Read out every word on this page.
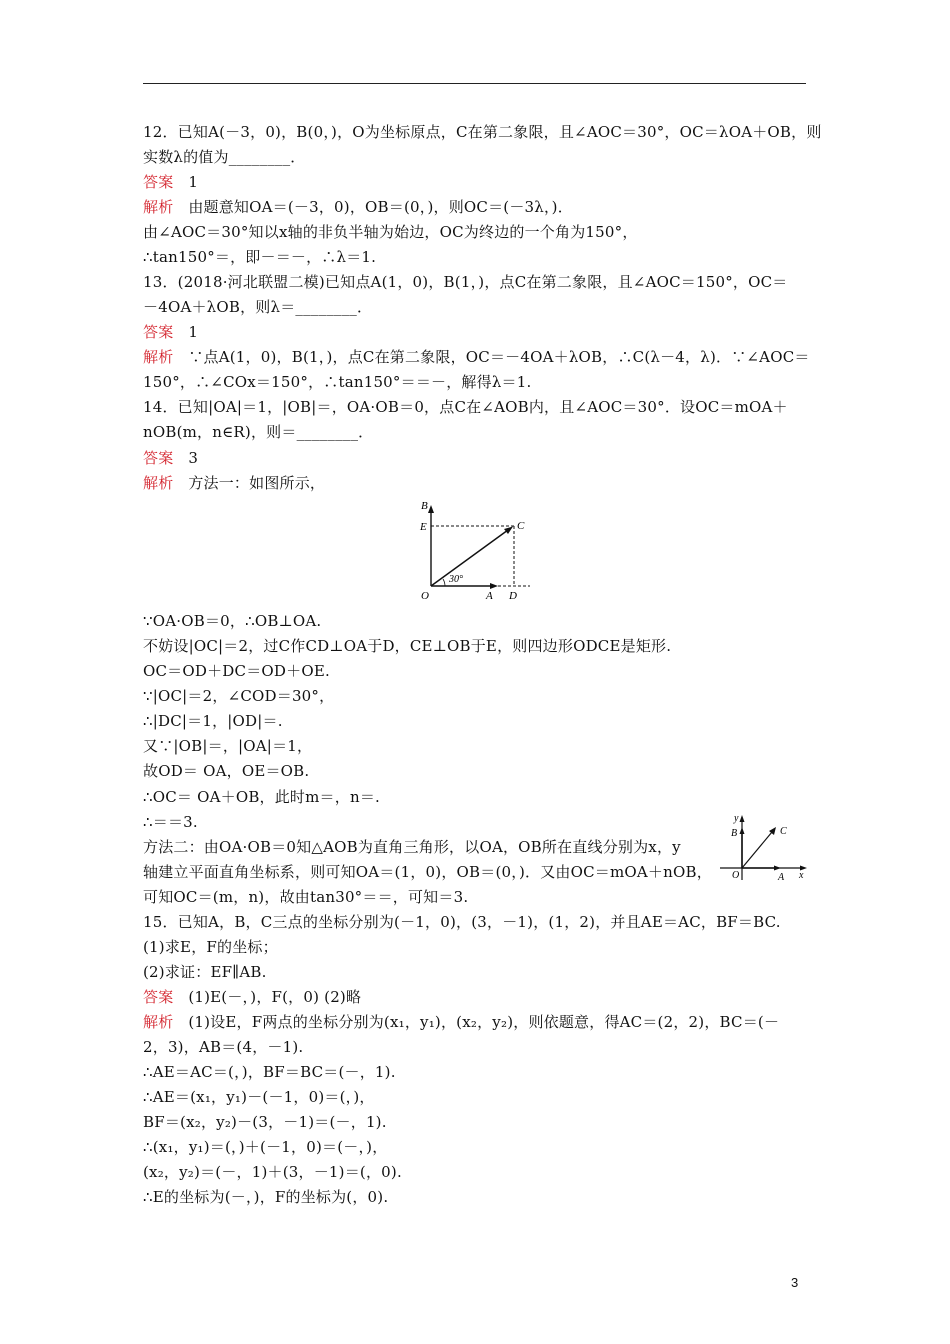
12．已知A(－3，0)，B(0，)，O为坐标原点，C在第二象限，且∠AOC＝30°，OC＝λOA＋OB，则
实数λ的值为________．
答案 1
解析 由题意知OA＝(－3，0)，OB＝(0，)，则OC＝(－3λ，)．
由∠AOC＝30°知以x轴的非负半轴为始边，OC为终边的一个角为150°，
∴tan150°＝，即－＝－，∴λ＝1.
13．(2018·河北联盟二模)已知点A(1，0)，B(1，)，点C在第二象限，且∠AOC＝150°，OC＝
－4OA＋λOB，则λ＝________．
答案 1
解析 ∵点A(1，0)，B(1，)，点C在第二象限，OC＝－4OA＋λOB，∴C(λ－4，λ)．∵∠AOC＝
150°，∴∠COx＝150°，∴tan150°＝＝－，解得λ＝1.
14．已知|OA|＝1，|OB|＝，OA·OB＝0，点C在∠AOB内，且∠AOC＝30°．设OC＝mOA＋
nOB(m，n∈R)，则＝________．
答案 3
解析 方法一：如图所示，
B
E	C
30°
O	A D
∵OA·OB＝0，∴OB⊥OA.
不妨设|OC|＝2，过C作CD⊥OA于D，CE⊥OB于E，则四边形ODCE是矩形.
OC＝OD＋DC＝OD＋OE.
∵|OC|＝2，∠COD＝30°，
∴|DC|＝1，|OD|＝.
又∵|OB|＝，|OA|＝1，
故OD＝ OA，OE＝OB.
∴OC＝ OA＋OB，此时m＝，n＝.
∴＝＝3.
方法二：由OA·OB＝0知△AOB为直角三角形，以OA，OB所在直线分别为x，y
轴建立平面直角坐标系，则可知OA＝(1，0)，OB＝(0，)．又由OC＝mOA＋nOB，
可知OC＝(m，n)，故由tan30°＝＝，可知＝3.
y
B	C
O	A x
15．已知A，B，C三点的坐标分别为(－1，0)，(3，－1)，(1，2)，并且AE＝AC，BF＝BC.
(1)求E，F的坐标；
(2)求证：EF∥AB.
答案 (1)E(－，)，F(，0) (2)略
解析 (1)设E，F两点的坐标分别为(x₁，y₁)，(x₂，y₂)，则依题意，得AC＝(2，2)，BC＝(－
2，3)，AB＝(4，－1).
∴AE＝AC＝(，)，BF＝BC＝(－，1).
∴AE＝(x₁，y₁)－(－1，0)＝(，)，
BF＝(x₂，y₂)－(3，－1)＝(－，1).
∴(x₁，y₁)＝(，)＋(－1，0)＝(－，)，
(x₂，y₂)＝(－，1)＋(3，－1)＝(，0).
∴E的坐标为(－，)，F的坐标为(，0).
3
